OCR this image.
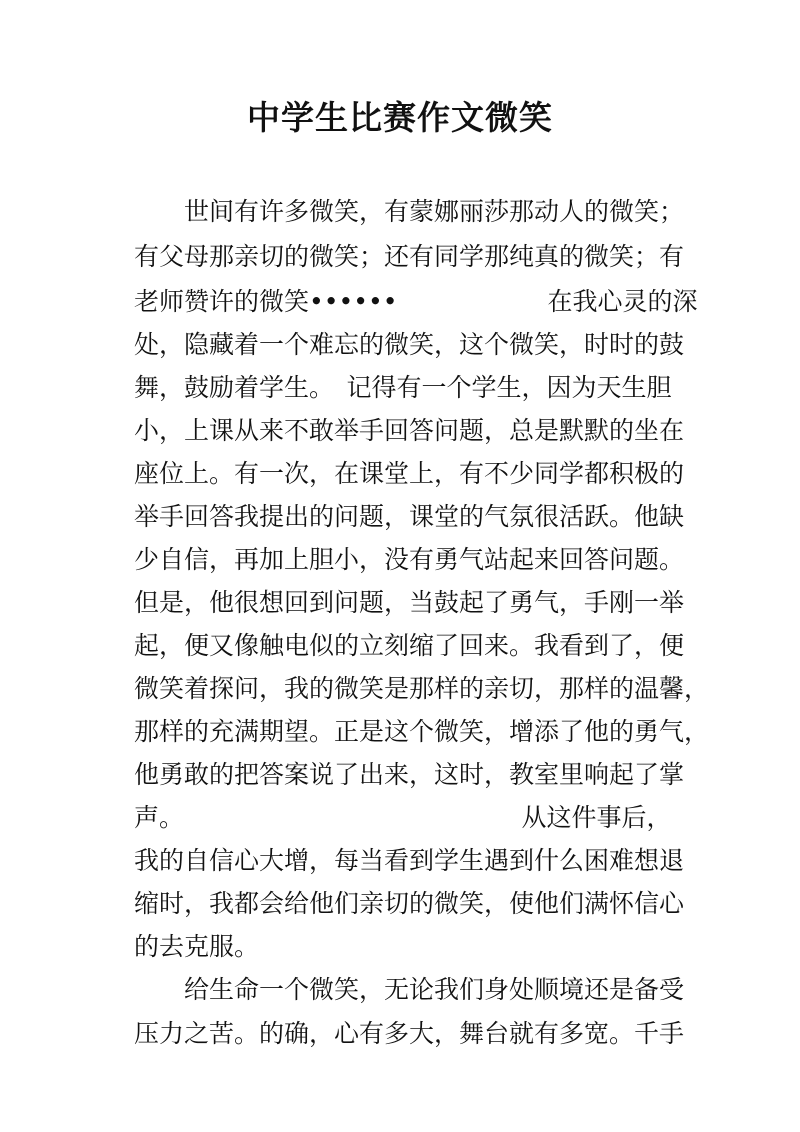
中学生比赛作文微笑
　　世间有许多微笑，有蒙娜丽莎那动人的微笑；
有父母那亲切的微笑；还有同学那纯真的微笑；有
老师赞许的微笑••••••　　　　　　在我心灵的深
处，隐藏着一个难忘的微笑，这个微笑，时时的鼓
舞，鼓励着学生。　记得有一个学生，因为天生胆
小，上课从来不敢举手回答问题，总是默默的坐在
座位上。有一次，在课堂上，有不少同学都积极的
举手回答我提出的问题，课堂的气氛很活跃。他缺
少自信，再加上胆小，没有勇气站起来回答问题。
但是，他很想回到问题，当鼓起了勇气，手刚一举
起，便又像触电似的立刻缩了回来。我看到了，便
微笑着探问，我的微笑是那样的亲切，那样的温馨，
那样的充满期望。正是这个微笑，增添了他的勇气，
他勇敢的把答案说了出来，这时，教室里响起了掌
声。　　　　　　　　　　　　　　从这件事后，
我的自信心大增，每当看到学生遇到什么困难想退
缩时，我都会给他们亲切的微笑，使他们满怀信心
的去克服。
　　给生命一个微笑，无论我们身处顺境还是备受
压力之苦。的确，心有多大，舞台就有多宽。千手
